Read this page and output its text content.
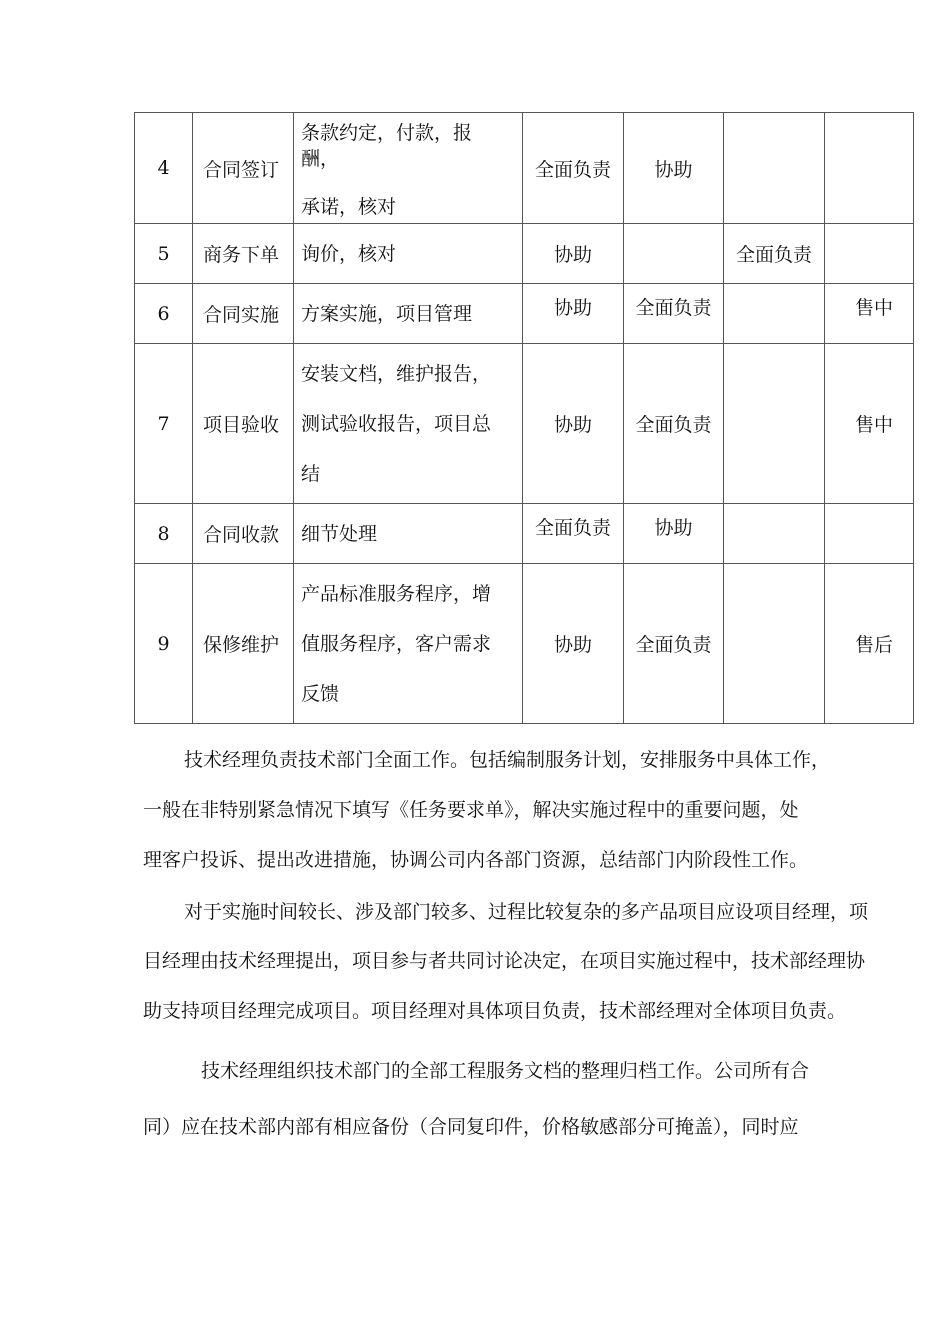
4	合同签订	条款约定，付款，报
酬，
承诺，核对	全面负责	协助		
5	商务下单	询价，核对	协助		全面负责	
6	合同实施	方案实施，项目管理	协助	全面负责		售中
7	项目验收	安装文档，维护报告，
测试验收报告，项目总
结	协助	全面负责		售中
8	合同收款	细节处理	全面负责	协助		
9	保修维护	产品标准服务程序，增
值服务程序，客户需求
反馈	协助	全面负责		售后
技术经理负责技术部门全面工作。包括编制服务计划，安排服务中具体工作，
一般在非特别紧急情况下填写《任务要求单》，解决实施过程中的重要问题，处
理客户投诉、提出改进措施，协调公司内各部门资源，总结部门内阶段性工作。
对于实施时间较长、涉及部门较多、过程比较复杂的多产品项目应设项目经理，项
目经理由技术经理提出，项目参与者共同讨论决定，在项目实施过程中，技术部经理协
助支持项目经理完成项目。项目经理对具体项目负责，技术部经理对全体项目负责。
技术经理组织技术部门的全部工程服务文档的整理归档工作。公司所有合
同）应在技术部内部有相应备份（合同复印件，价格敏感部分可掩盖），同时应
